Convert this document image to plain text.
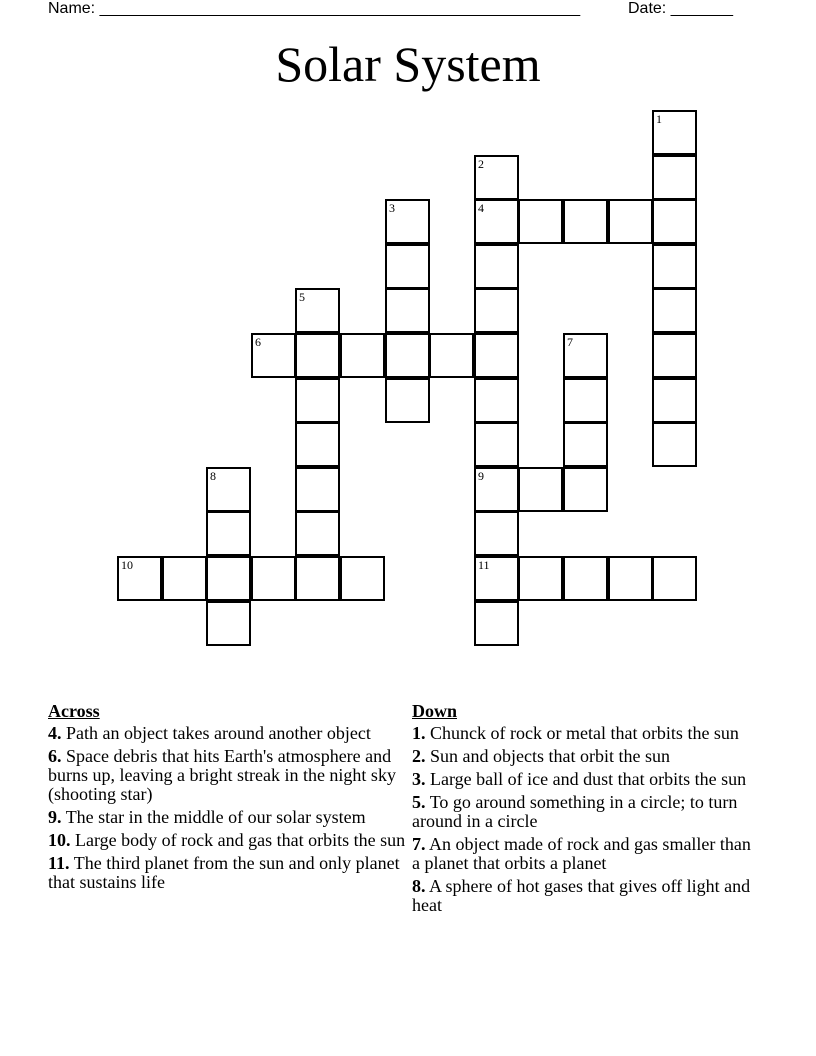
Name: ______________________________________________________	Date: _______
Solar System
1
2
4
9
11
3
5
6	7
8
10
Across
4. Path an object takes around another object
6. Space debris that hits Earth's atmosphere and burns up, leaving a bright streak in the night sky (shooting star)
9. The star in the middle of our solar system
10. Large body of rock and gas that orbits the sun
11. The third planet from the sun and only planet that sustains life
Down
1. Chunck of rock or metal that orbits the sun
2. Sun and objects that orbit the sun
3. Large ball of ice and dust that orbits the sun
5. To go around something in a circle; to turn around in a circle
7. An object made of rock and gas smaller than a planet that orbits a planet
8. A sphere of hot gases that gives off light and heat
